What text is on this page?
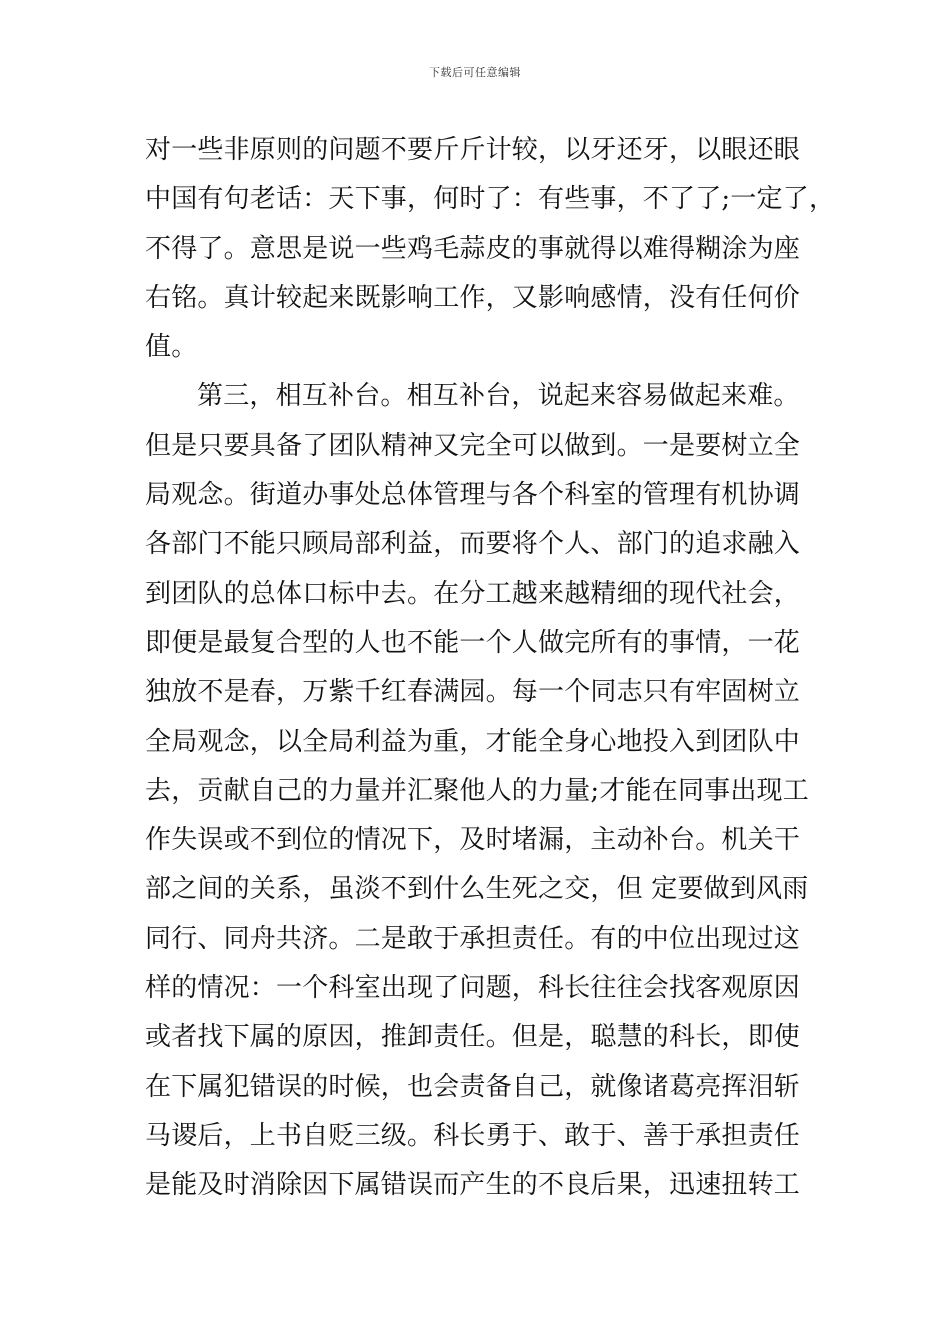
下载后可任意编辑
对一些非原则的问题不要斤斤计较，以牙还牙，以眼还眼
中国有句老话：天下事，何时了：有些事，不了了;一定了，
不得了。意思是说一些鸡毛蒜皮的事就得以难得糊涂为座
右铭。真计较起来既影响工作，又影响感情，没有任何价
值。
第三，相互补台。相互补台，说起来容易做起来难。
但是只要具备了团队精神又完全可以做到。一是要树立全
局观念。街道办事处总体管理与各个科室的管理有机协调
各部门不能只顾局部利益，而要将个人、部门的追求融入
到团队的总体口标中去。在分工越来越精细的现代社会，
即便是最复合型的人也不能一个人做完所有的事情，一花
独放不是春，万紫千红春满园。每一个同志只有牢固树立
全局观念，以全局利益为重，才能全身心地投入到团队中
去，贡献自己的力量并汇聚他人的力量;才能在同事出现工
作失误或不到位的情况下，及时堵漏，主动补台。机关干
部之间的关系，虽淡不到什么生死之交，但 定要做到风雨
同行、同舟共济。二是敢于承担责任。有的中位出现过这
样的情况：一个科室出现了问题，科长往往会找客观原因
或者找下属的原因，推卸责任。但是，聪慧的科长，即使
在下属犯错误的时候，也会责备自己，就像诸葛亮挥泪斩
马谡后，上书自贬三级。科长勇于、敢于、善于承担责任
是能及时消除因下属错误而产生的不良后果，迅速扭转工
